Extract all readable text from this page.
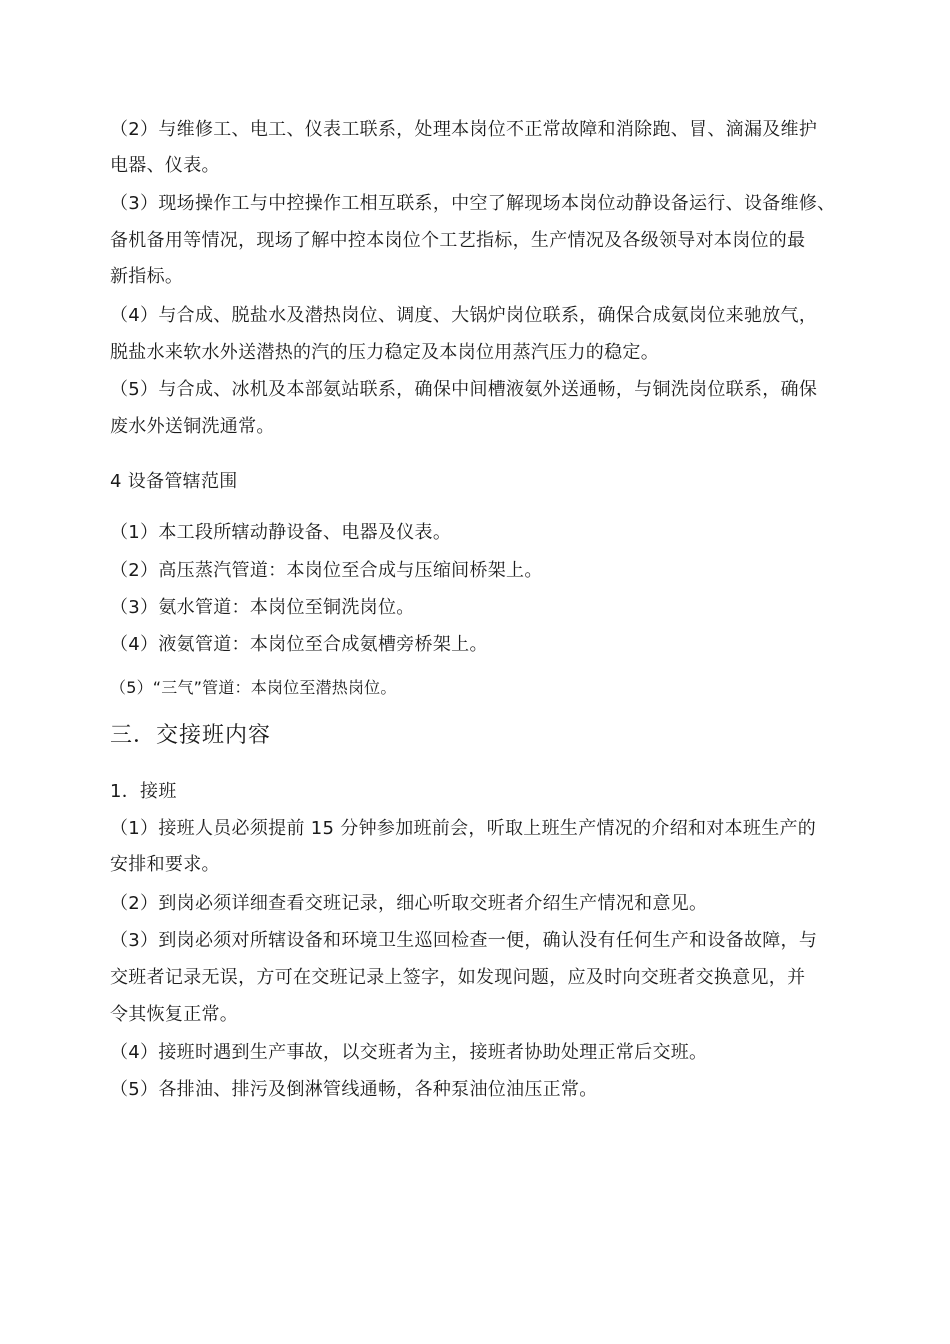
（2）与维修工、电工、仪表工联系，处理本岗位不正常故障和消除跑、冒、滴漏及维护
电器、仪表。
（3）现场操作工与中控操作工相互联系，中空了解现场本岗位动静设备运行、设备维修、
备机备用等情况，现场了解中控本岗位个工艺指标，生产情况及各级领导对本岗位的最
新指标。
（4）与合成、脱盐水及潜热岗位、调度、大锅炉岗位联系，确保合成氨岗位来驰放气，
脱盐水来软水外送潜热的汽的压力稳定及本岗位用蒸汽压力的稳定。
（5）与合成、冰机及本部氨站联系，确保中间槽液氨外送通畅，与铜洗岗位联系，确保
废水外送铜洗通常。
4 设备管辖范围
（1）本工段所辖动静设备、电器及仪表。
（2）高压蒸汽管道：本岗位至合成与压缩间桥架上。
（3）氨水管道：本岗位至铜洗岗位。
（4）液氨管道：本岗位至合成氨槽旁桥架上。
（5）“三气”管道：本岗位至潜热岗位。
三．交接班内容
1．接班
（1）接班人员必须提前 15 分钟参加班前会，听取上班生产情况的介绍和对本班生产的
安排和要求。
（2）到岗必须详细查看交班记录，细心听取交班者介绍生产情况和意见。
（3）到岗必须对所辖设备和环境卫生巡回检查一便，确认没有任何生产和设备故障，与
交班者记录无误，方可在交班记录上签字，如发现问题，应及时向交班者交换意见，并
令其恢复正常。
（4）接班时遇到生产事故，以交班者为主，接班者协助处理正常后交班。
（5）各排油、排污及倒淋管线通畅，各种泵油位油压正常。
